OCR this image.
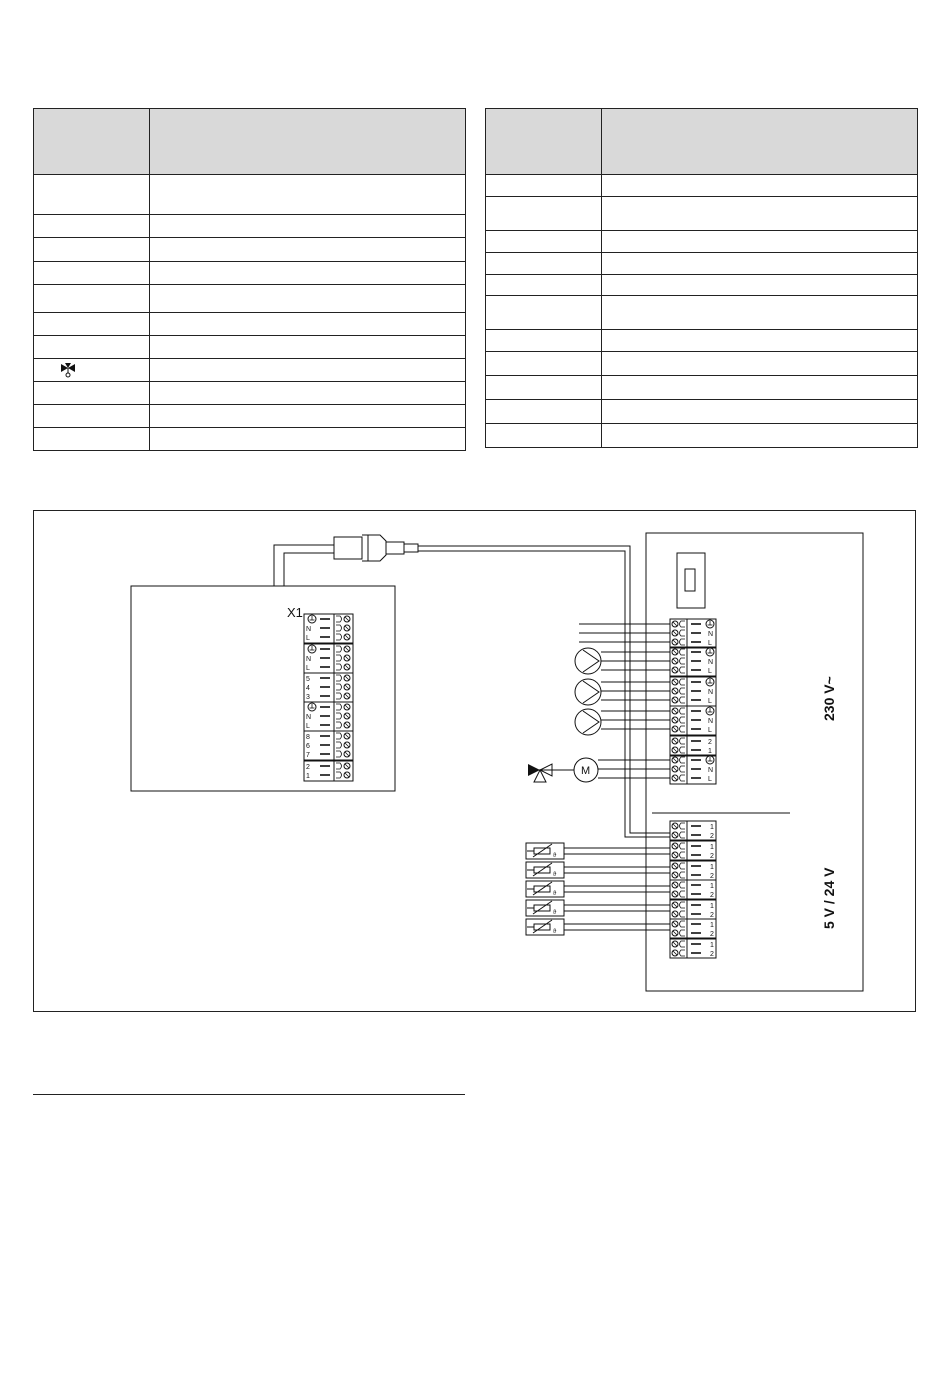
N
L
N
L
5
4
3
N
L
8
6
7
2
1
N
L
N
L
N
L
N
L
2
1
N
L
1
2
1
2
1
2
1
2
1
2
1
2
1
2
M
ϑ
ϑ
ϑ
ϑ
ϑ
X1
230 V~
5 V / 24 V
